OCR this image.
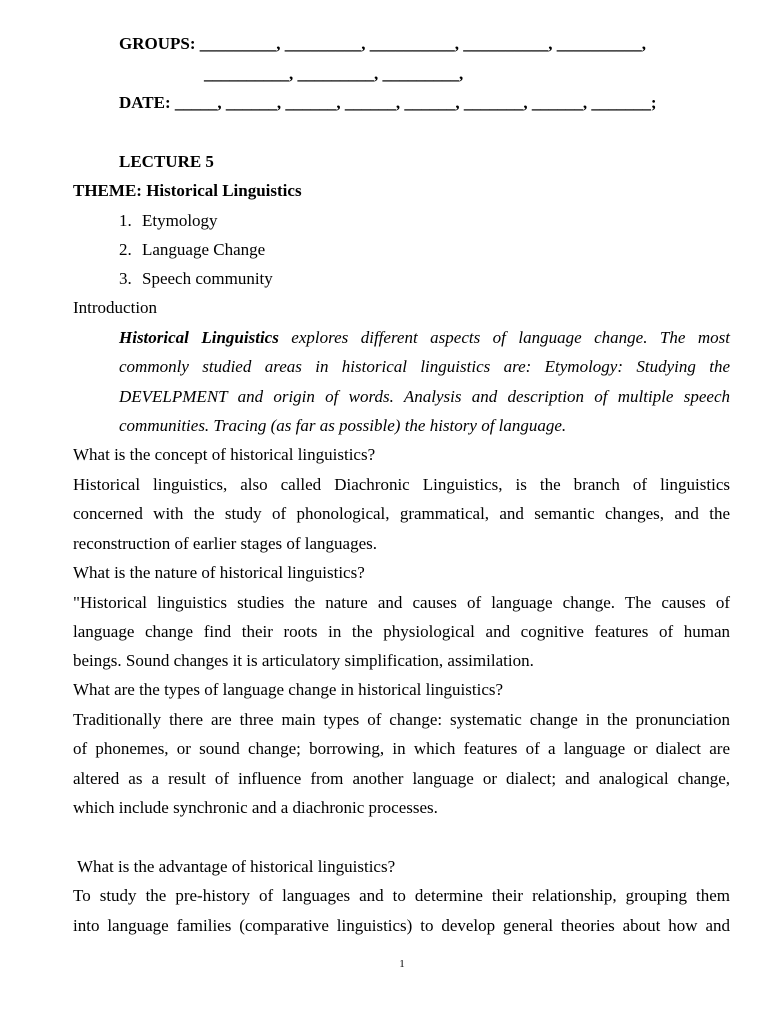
GROUPS: _________, _________, __________, __________, __________,
__________, _________, _________,
DATE: _____, ______, ______, ______, ______, _______, ______, _______;
LECTURE 5
THEME: Historical Linguistics
1. Etymology
2. Language Change
3. Speech community
Introduction
Historical Linguistics explores different aspects of language change. The most
commonly studied areas in historical linguistics are: Etymology: Studying the
DEVELPMENT and origin of words. Analysis and description of multiple speech
communities. Tracing (as far as possible) the history of language.
What is the concept of historical linguistics?
Historical linguistics, also called Diachronic Linguistics, is the branch of linguistics
concerned with the study of phonological, grammatical, and semantic changes, and the
reconstruction of earlier stages of languages.
What is the nature of historical linguistics?
"Historical linguistics studies the nature and causes of language change. The causes of
language change find their roots in the physiological and cognitive features of human
beings. Sound changes it is articulatory simplification, assimilation.
What are the types of language change in historical linguistics?
Traditionally there are three main types of change: systematic change in the pronunciation
of phonemes, or sound change; borrowing, in which features of a language or dialect are
altered as a result of influence from another language or dialect; and analogical change,
which include synchronic and a diachronic processes.
What is the advantage of historical linguistics?
To study the pre-history of languages and to determine their relationship, grouping them
into language families (comparative linguistics) to develop general theories about how and
1
